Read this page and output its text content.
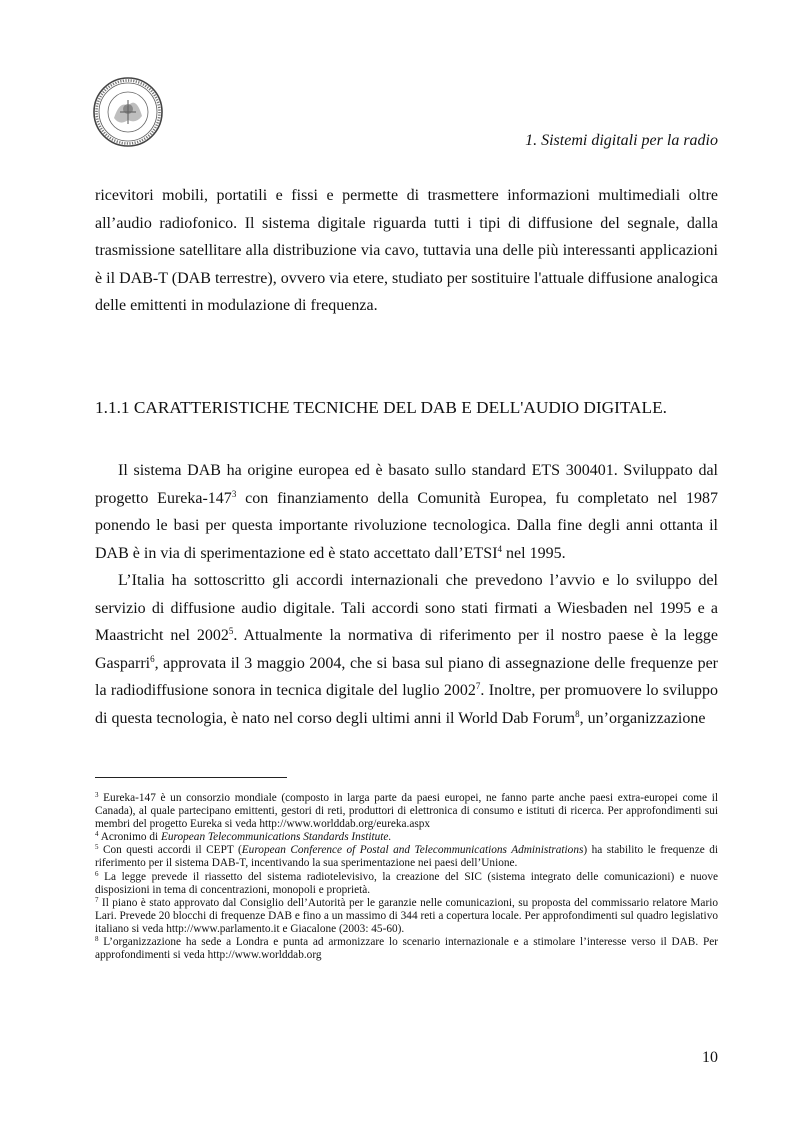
1. Sistemi digitali per la radio

ricevitori mobili, portatili e fissi e permette di trasmettere informazioni multimediali oltre all’audio radiofonico. Il sistema digitale riguarda tutti i tipi di diffusione del segnale, dalla trasmissione satellitare alla distribuzione via cavo, tuttavia una delle più interessanti applicazioni è il DAB-T (DAB terrestre), ovvero via etere, studiato per sostituire l'attuale diffusione analogica delle emittenti in modulazione di frequenza.

1.1.1 CARATTERISTICHE TECNICHE DEL DAB E DELL'AUDIO DIGITALE.

Il sistema DAB ha origine europea ed è basato sullo standard ETS 300401. Sviluppato dal progetto Eureka-$147^3$ con finanziamento della Comunità Europea, fu completato nel 1987 ponendo le basi per questa importante rivoluzione tecnologica. Dalla fine degli anni ottanta il DAB è in via di sperimentazione ed è stato accettato dall’ETSI$^4$ nel 1995.

L’Italia ha sottoscritto gli accordi internazionali che prevedono l’avvio e lo sviluppo del servizio di diffusione audio digitale. Tali accordi sono stati firmati a Wiesbaden nel 1995 e a Maastricht nel 2002$^5$. Attualmente la normativa di riferimento per il nostro paese è la legge Gasparri$^6$, approvata il 3 maggio 2004, che si basa sul piano di assegnazione delle frequenze per la radiodiffusione sonora in tecnica digitale del luglio 2002$^7$. Inoltre, per promuovere lo sviluppo di questa tecnologia, è nato nel corso degli ultimi anni il World Dab Forum$^8$, un’organizzazione

$^3$ Eureka-147 è un consorzio mondiale (composto in larga parte da paesi europei, ne fanno parte anche paesi extra-europei come il Canada), al quale partecipano emittenti, gestori di reti, produttori di elettronica di consumo e istituti di ricerca. Per approfondimenti sui membri del progetto Eureka si veda http://www.worlddab.org/eureka.aspx

$^4$ Acronimo di European Telecommunications Standards Institute.

$^5$ Con questi accordi il CEPT (European Conference of Postal and Telecommunications Administrations) ha stabilito le frequenze di riferimento per il sistema DAB-T, incentivando la sua sperimentazione nei paesi dell’Unione.

$^6$ La legge prevede il riassetto del sistema radiotelevisivo, la creazione del SIC (sistema integrato delle comunicazioni) e nuove disposizioni in tema di concentrazioni, monopoli e proprietà.

$^7$ Il piano è stato approvato dal Consiglio dell’Autorità per le garanzie nelle comunicazioni, su proposta del commissario relatore Mario Lari. Prevede 20 blocchi di frequenze DAB e fino a un massimo di 344 reti a copertura locale. Per approfondimenti sul quadro legislativo italiano si veda http://www.parlamento.it e Giacalone (2003: 45-60).

$^8$ L’organizzazione ha sede a Londra e punta ad armonizzare lo scenario internazionale e a stimolare l’interesse verso il DAB. Per approfondimenti si veda http://www.worlddab.org

10
